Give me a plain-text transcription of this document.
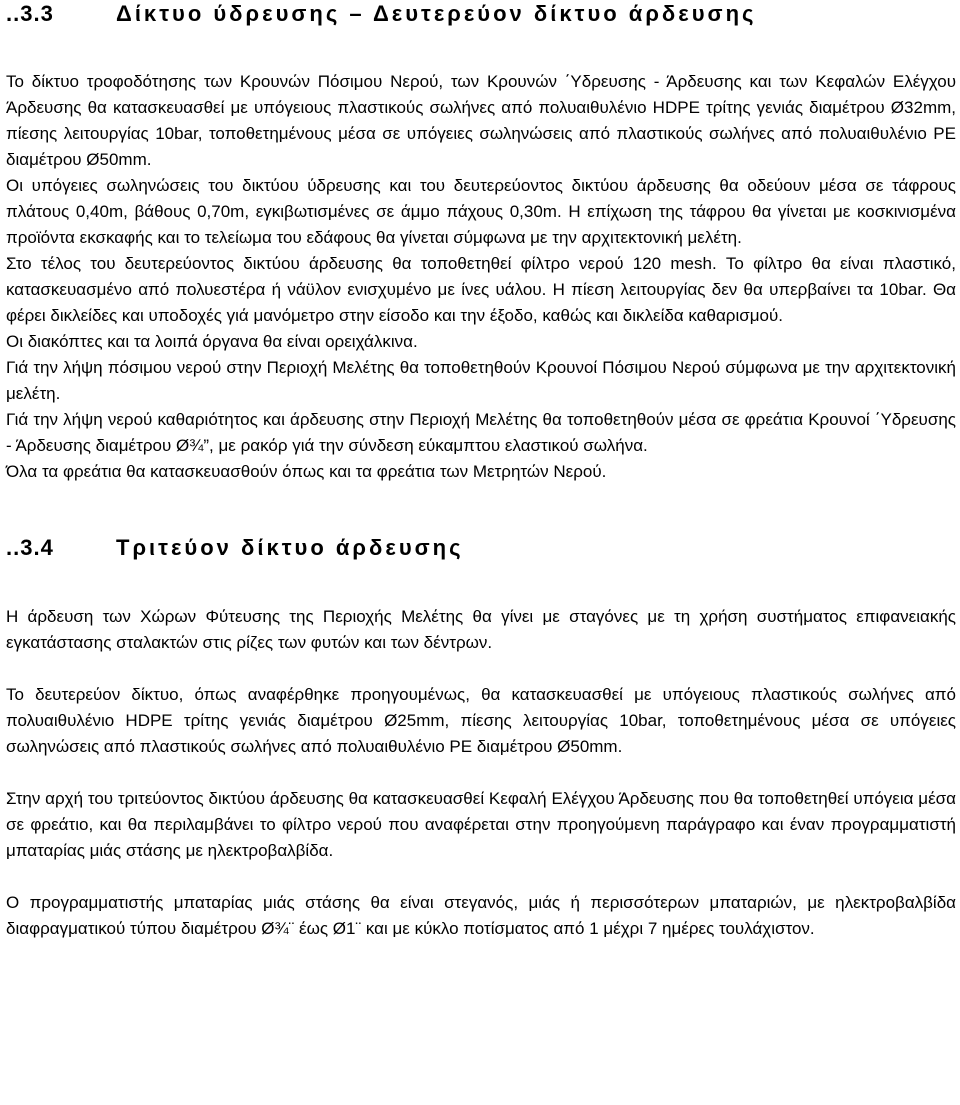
..3.3	Δίκτυο ύδρευσης – Δευτερεύον δίκτυο άρδευσης

Το δίκτυο τροφοδότησης των Κρουνών Πόσιμου Νερού, των Κρουνών ΄Υδρευσης - Άρδευσης και των Κεφαλών Ελέγχου Άρδευσης θα κατασκευασθεί με υπόγειους πλαστικούς σωλήνες από πολυαιθυλένιο HDPE τρίτης γενιάς διαμέτρου Ø32mm, πίεσης λειτουργίας 10bar, τοποθετημένους μέσα σε υπόγειες σωληνώσεις από πλαστικούς σωλήνες από πολυαιθυλένιο PE διαμέτρου Ø50mm.

Οι υπόγειες σωληνώσεις του δικτύου ύδρευσης και του δευτερεύοντος δικτύου άρδευσης θα οδεύουν μέσα σε τάφρους πλάτους 0,40m, βάθους 0,70m, εγκιβωτισμένες σε άμμο πάχους 0,30m. Η επίχωση της τάφρου θα γίνεται με κοσκινισμένα προϊόντα εκσκαφής και το τελείωμα του εδάφους θα γίνεται σύμφωνα με την αρχιτεκτονική μελέτη.

Στο τέλος του δευτερεύοντος δικτύου άρδευσης θα τοποθετηθεί φίλτρο νερού 120 mesh. Το φίλτρο θα είναι πλαστικό, κατασκευασμένο από πολυεστέρα ή νάϋλον ενισχυμένο με ίνες υάλου. Η πίεση λειτουργίας δεν θα υπερβαίνει τα 10bar. Θα φέρει δικλείδες και υποδοχές γιά μανόμετρο στην είσοδο και την έξοδο, καθώς και δικλείδα καθαρισμού.

Οι διακόπτες και τα λοιπά όργανα θα είναι ορειχάλκινα.

Γιά την λήψη πόσιμου νερού στην Περιοχή Μελέτης θα τοποθετηθούν Κρουνοί Πόσιμου Νερού σύμφωνα με την αρχιτεκτονική μελέτη.

Γιά την λήψη νερού καθαριότητος και άρδευσης στην Περιοχή Μελέτης θα τοποθετηθούν μέσα σε φρεάτια Κρουνοί ΄Υδρευσης - Άρδευσης διαμέτρου Ø¾”, με ρακόρ γιά την σύνδεση εύκαμπτου ελαστικού σωλήνα.

Όλα τα φρεάτια θα κατασκευασθούν όπως και τα φρεάτια των Μετρητών Νερού.

..3.4	Τριτεύον δίκτυο άρδευσης

Η άρδευση των Χώρων Φύτευσης της Περιοχής Μελέτης θα γίνει με σταγόνες με τη χρήση συστήματος επιφανειακής εγκατάστασης σταλακτών στις ρίζες των φυτών και των δέντρων.

Το δευτερεύον δίκτυο, όπως αναφέρθηκε προηγουμένως, θα κατασκευασθεί με υπόγειους πλαστικούς σωλήνες από πολυαιθυλένιο HDPE τρίτης γενιάς διαμέτρου Ø25mm, πίεσης λειτουργίας 10bar, τοποθετημένους μέσα σε υπόγειες σωληνώσεις από πλαστικούς σωλήνες από πολυαιθυλένιο PE διαμέτρου Ø50mm.

Στην αρχή του τριτεύοντος δικτύου άρδευσης θα κατασκευασθεί Κεφαλή Ελέγχου Άρδευσης που θα τοποθετηθεί υπόγεια μέσα σε φρεάτιο, και θα περιλαμβάνει το φίλτρο νερού που αναφέρεται στην προηγούμενη παράγραφο και έναν προγραμματιστή μπαταρίας μιάς στάσης με ηλεκτροβαλβίδα.

Ο προγραμματιστής μπαταρίας μιάς στάσης θα είναι στεγανός, μιάς ή περισσότερων μπαταριών, με ηλεκτροβαλβίδα διαφραγματικού τύπου διαμέτρου Ø¾¨ έως Ø1¨ και με κύκλο ποτίσματος από 1 μέχρι 7 ημέρες τουλάχιστον.
